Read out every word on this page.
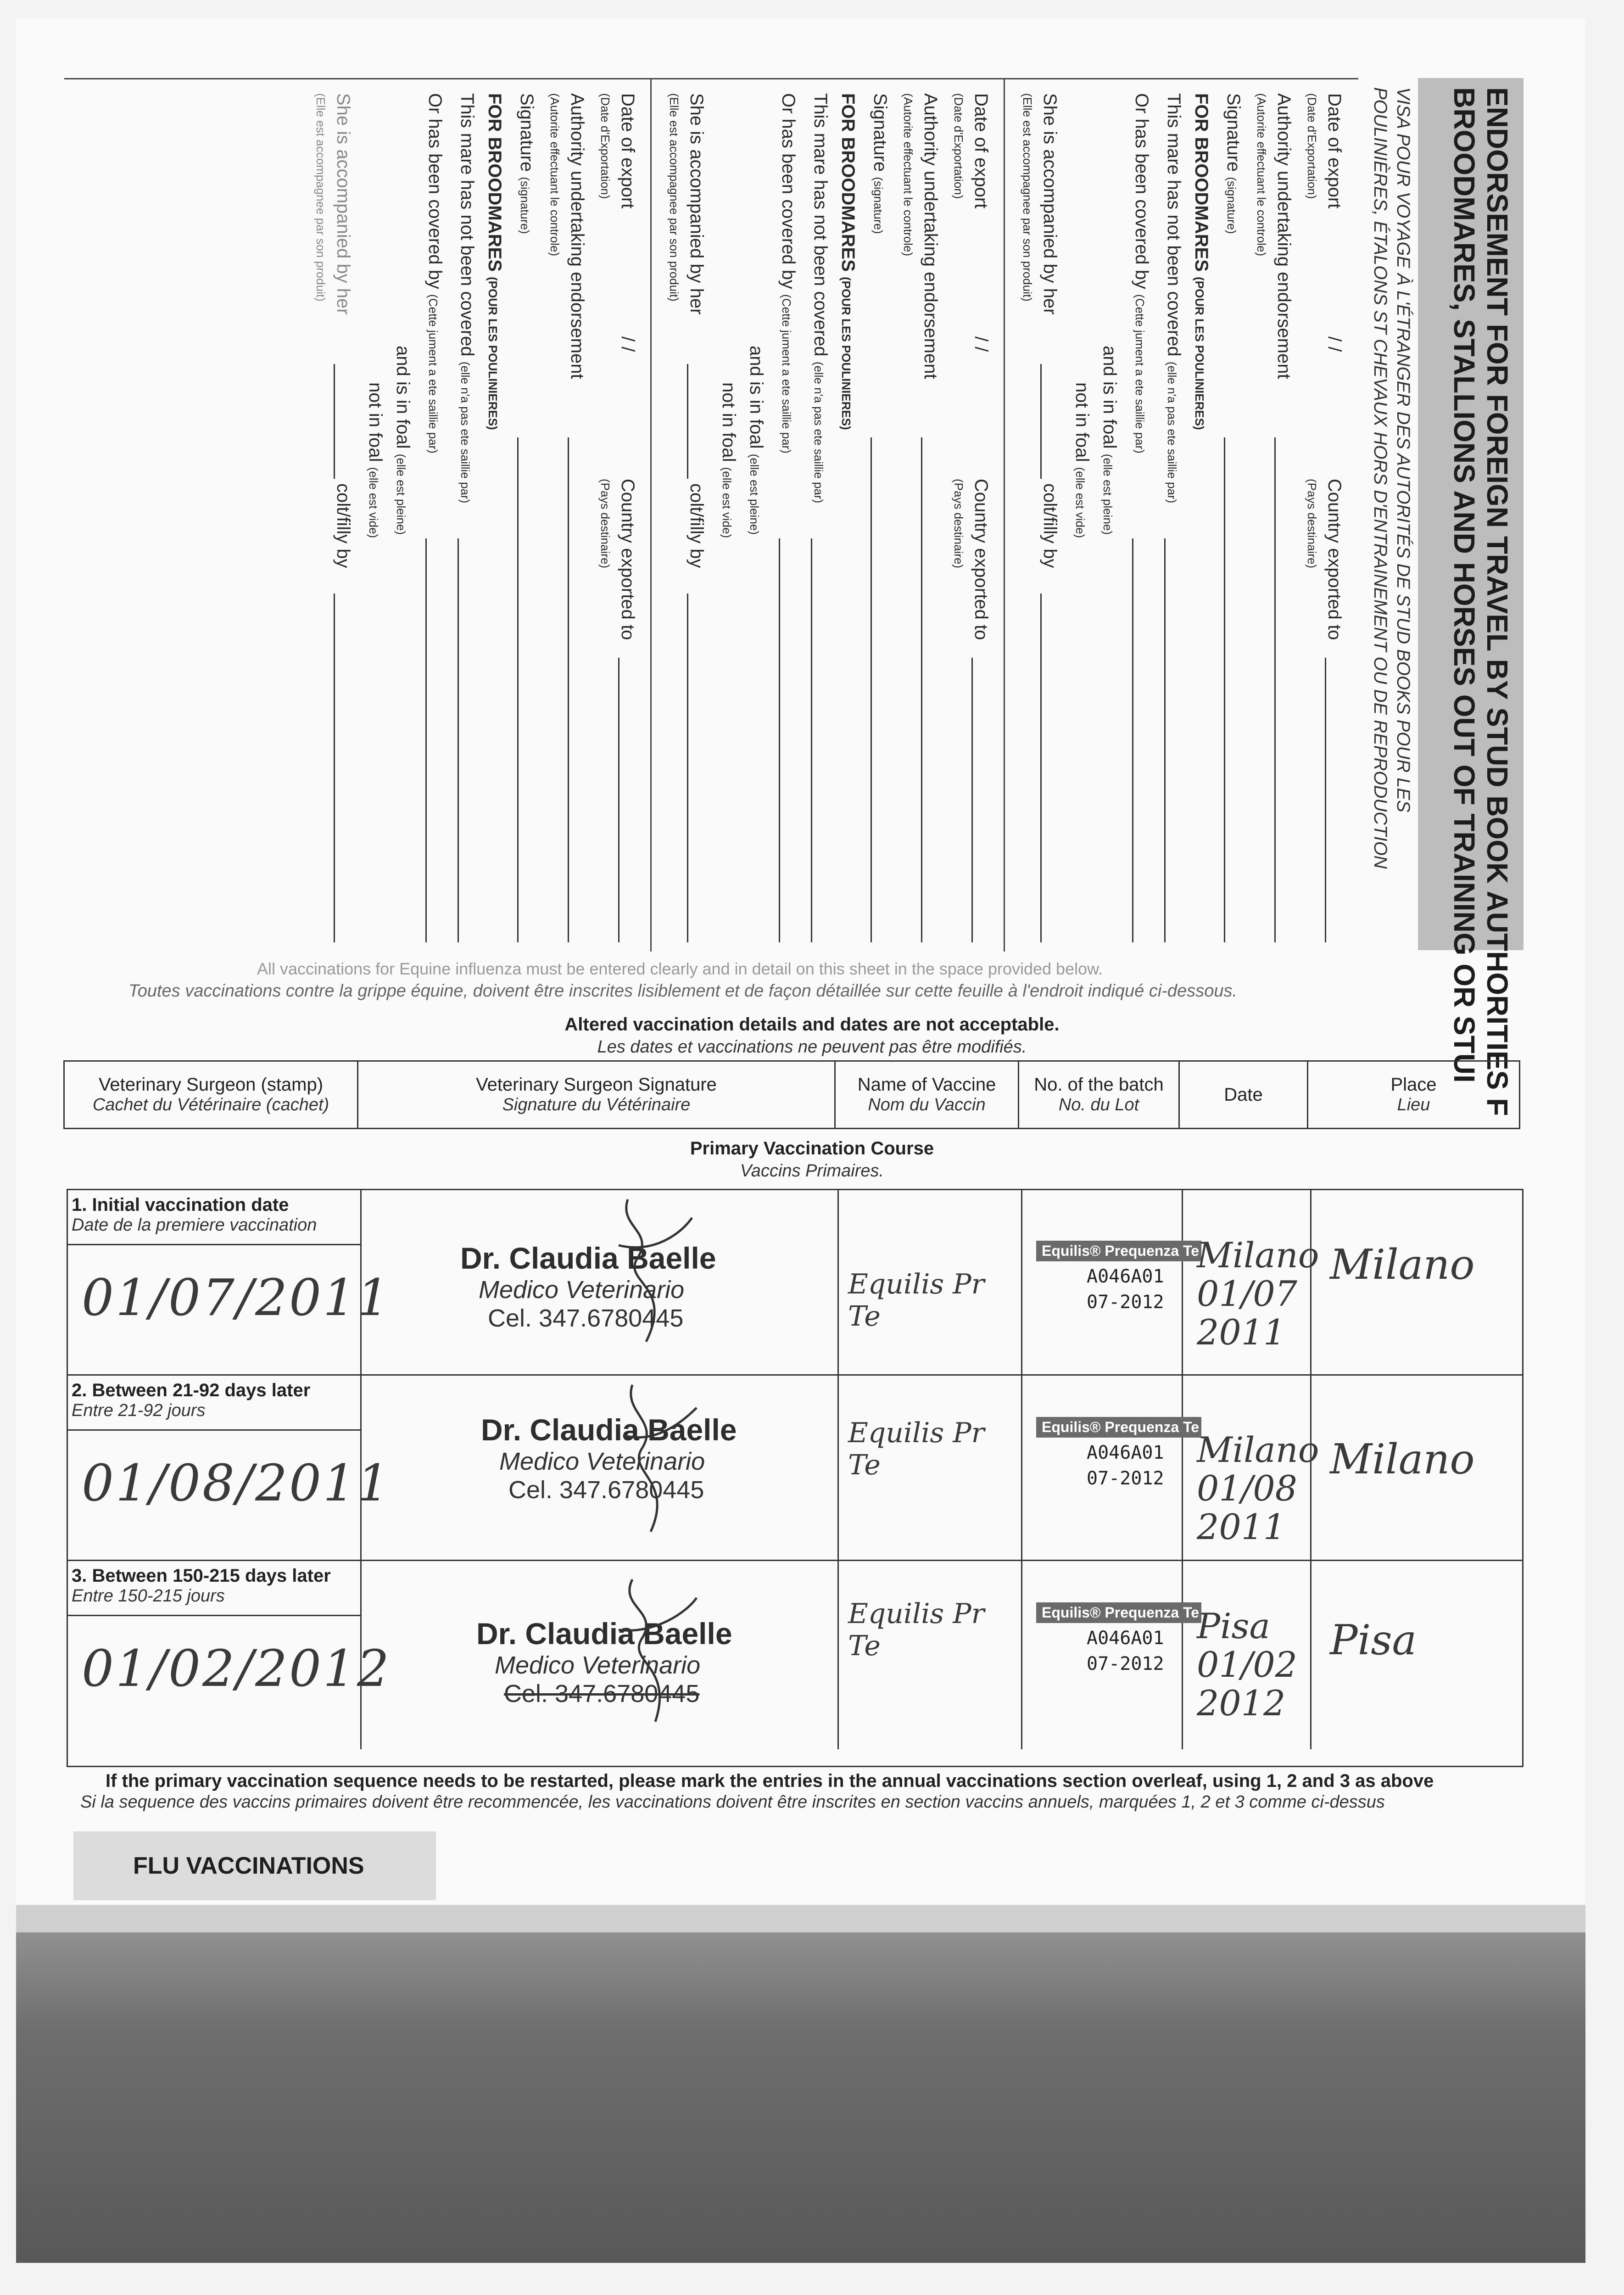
ENDORSEMENT FOR FOREIGN TRAVEL BY STUD BOOK AUTHORITIES F
BROODMARES, STALLIONS AND HORSES OUT OF TRAINING OR STUI
VISA POUR VOYAGE À L'ÉTRANGER DES AUTORITÉS DE STUD BOOKS POUR LES
POULINIÈRES, ÉTALONS ST CHEVAUX HORS D'ENTRAINEMENT OU DE REPRODUCTION
Date of export
(Date d'Exportation)
/ /
Country exported to
(Pays destinaire)
Authority undertaking endorsement
(Autorite effectuant le controle)
Signature (signature)
FOR BROODMARES (POUR LES POULINIERES)
This mare has not been covered (elle n'a pas ete saillie par)
Or has been covered by (Cette jument a ete saillie par)
and is in foal (elle est pleine)
not in foal (elle est vide)
She is accompanied by her
(Elle est accompagnee par son produit)
colt/filly by
Date of export
(Date d'Exportation)
/ /
Country exported to
(Pays destinaire)
Authority undertaking endorsement
(Autorite effectuant le controle)
Signature (signature)
FOR BROODMARES (POUR LES POULINIERES)
This mare has not been covered (elle n'a pas ete saillie par)
Or has been covered by (Cette jument a ete saillie par)
and is in foal (elle est pleine)
not in foal (elle est vide)
She is accompanied by her
(Elle est accompagnee par son produit)
colt/filly by
Date of export
(Date d'Exportation)
/ /
Country exported to
(Pays destinaire)
Authority undertaking endorsement
(Autorite effectuant le controle)
Signature (signature)
FOR BROODMARES (POUR LES POULINIERES)
This mare has not been covered (elle n'a pas ete saillie par)
Or has been covered by (Cette jument a ete saillie par)
and is in foal (elle est pleine)
not in foal (elle est vide)
She is accompanied by her
(Elle est accompagnee par son produit)
colt/filly by
All vaccinations for Equine influenza must be entered clearly and in detail on this sheet in the space provided below.
Toutes vaccinations contre la grippe équine, doivent être inscrites lisiblement et de façon détaillée sur cette feuille à l'endroit indiqué ci-dessous.
Altered vaccination details and dates are not acceptable.
Les dates et vaccinations ne peuvent pas être modifiés.
Veterinary Surgeon (stamp)
Cachet du Vétérinaire (cachet)
Veterinary Surgeon Signature
Signature du Vétérinaire
Name of Vaccine
Nom du Vaccin
No. of the batch
No. du Lot
Date	Place
Lieu
Primary Vaccination Course
Vaccins Primaires.
1. Initial vaccination date
Date de la premiere vaccination
01/07/2011
Dr. Claudia Baelle
Medico Veterinario
Cel. 347.6780445
Equilis Pr Te
Equilis® Prequenza Te
A046A01
07-2012
Milano
01/07
2011
Milano
2. Between 21-92 days later
Entre 21-92 jours
01/08/2011
Dr. Claudia Baelle
Medico Veterinario
Cel. 347.6780445
Equilis Pr Te
Equilis® Prequenza Te
A046A01
07-2012
Milano
01/08
2011
Milano
3. Between 150-215 days later
Entre 150-215 jours
01/02/2012
Dr. Claudia Baelle
Medico Veterinario
Cel. 347.6780445
Equilis Pr Te
Equilis® Prequenza Te
A046A01
07-2012
Pisa
01/02
2012
Pisa
If the primary vaccination sequence needs to be restarted, please mark the entries in the annual vaccinations section overleaf, using 1, 2 and 3 as above
Si la sequence des vaccins primaires doivent être recommencée, les vaccinations doivent être inscrites en section vaccins annuels, marquées 1, 2 et 3 comme ci-dessus
FLU VACCINATIONS
